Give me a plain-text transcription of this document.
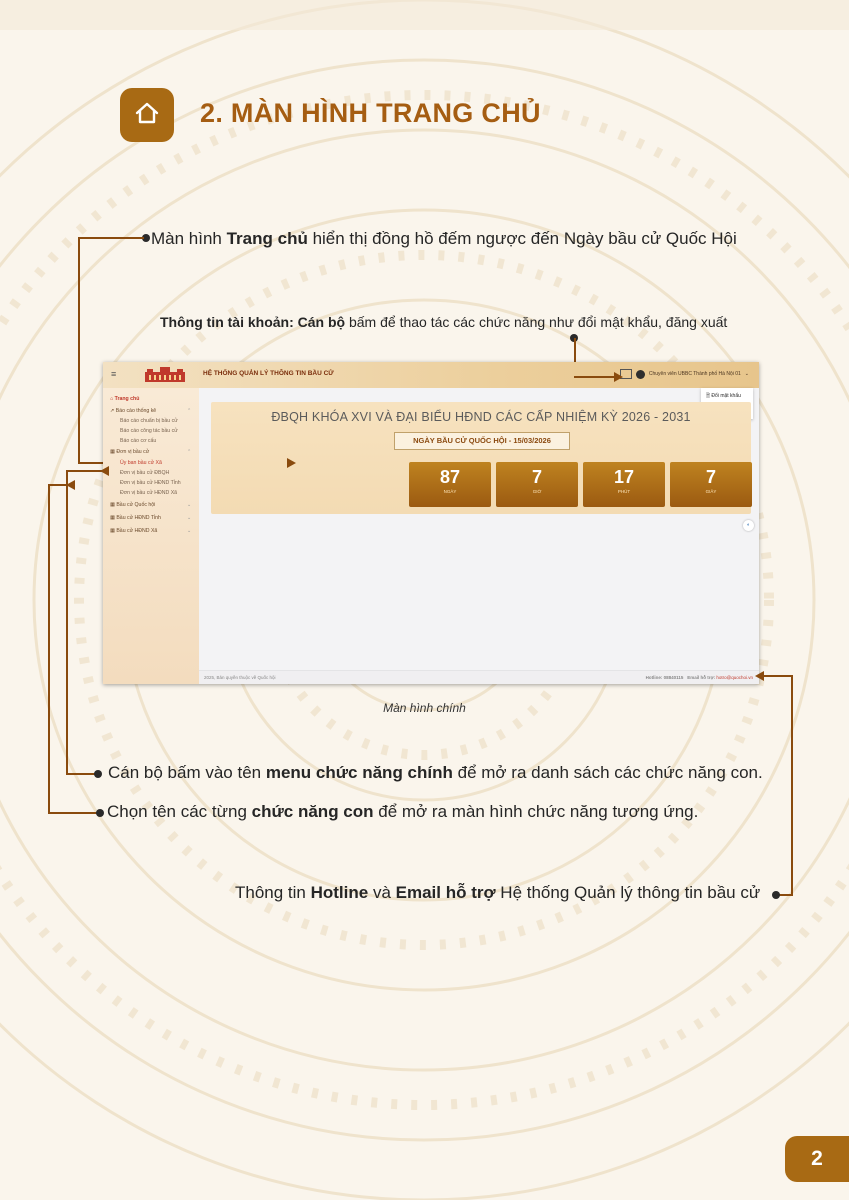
2. MÀN HÌNH TRANG CHỦ
Màn hình Trang chủ hiển thị đồng hồ đếm ngược đến Ngày bầu cử Quốc Hội
Thông tin tài khoản: Cán bộ bấm để thao tác các chức năng như đổi mật khẩu, đăng xuất
≡	HỆ THỐNG QUẢN LÝ THÔNG TIN BẦU CỬ	Chuyên viên UBBC Thành phố Hà Nội 01 ⌄
🗎 Đổi mật khẩu
⌂ Trang chủ
↗ Báo cáo thống kê	⌃
Báo cáo chuẩn bị bầu cử
Báo cáo công tác bầu cử
Báo cáo cơ cấu
▦ Đơn vị bầu cử	⌃
Ủy ban bầu cử Xã
Đơn vị bầu cử ĐBQH
Đơn vị bầu cử HĐND Tỉnh
Đơn vị bầu cử HĐND Xã
▦ Bầu cử Quốc hội	⌄
▦ Bầu cử HĐND Tỉnh	⌄
▦ Bầu cử HĐND Xã	⌄
ĐBQH KHÓA XVI VÀ ĐẠI BIỂU HĐND CÁC CẤP NHIỆM KỲ 2026 - 2031
NGÀY BẦU CỬ QUỐC HỘI - 15/03/2026
87
NGÀY
7
GIỜ
17
PHÚT
7
GIÂY
◐
2025, Bản quyền thuộc về Quốc hội	Hotline: 08840115 Email hỗ trợ: hotro@quochoi.vn
Màn hình chính
Cán bộ bấm vào tên menu chức năng chính để mở ra danh sách các chức năng con.
Chọn tên các từng chức năng con để mở ra màn hình chức năng tương ứng.
Thông tin Hotline và Email hỗ trợ Hệ thống Quản lý thông tin bầu cử
2
